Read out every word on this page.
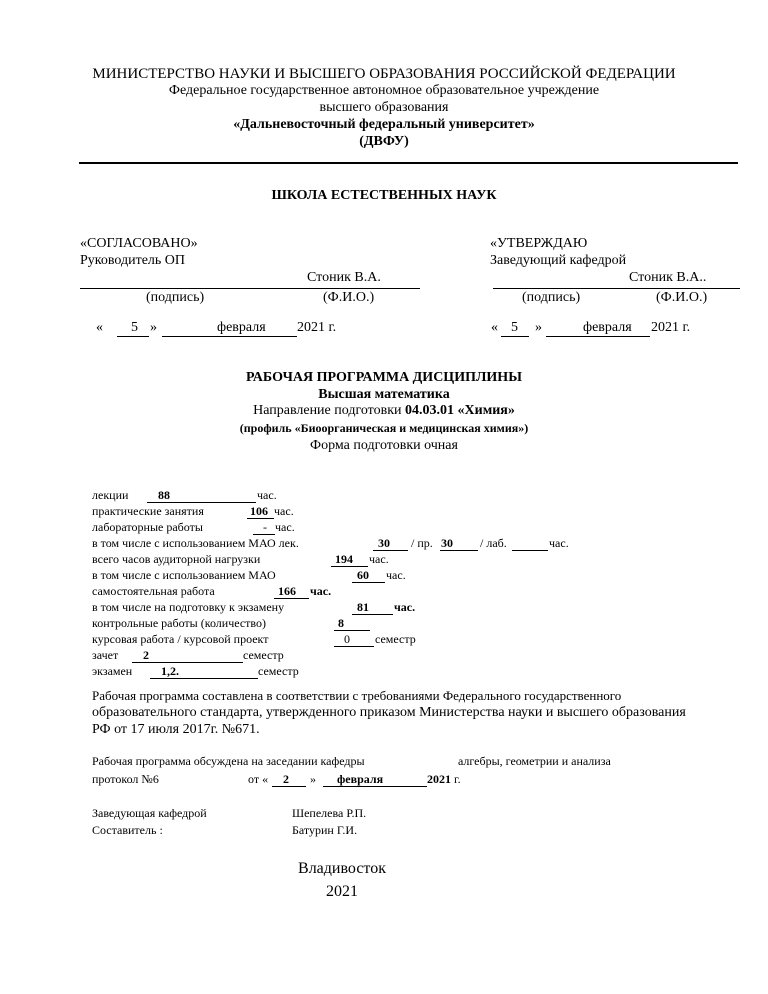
МИНИСТЕРСТВО НАУКИ И ВЫСШЕГО ОБРАЗОВАНИЯ РОССИЙСКОЙ ФЕДЕРАЦИИ
Федеральное государственное автономное образовательное учреждение
высшего образования
«Дальневосточный федеральный университет»
(ДВФУ)
ШКОЛА ЕСТЕСТВЕННЫХ НАУК
«СОГЛАСОВАНО»
Руководитель ОП
Стоник В.А.
(подпись)	(Ф.И.О.)
« 5 »	февраля 2021 г.
«УТВЕРЖДАЮ
Заведующий кафедрой
Стоник В.А..
(подпись)	(Ф.И.О.)
« 5 »	февраля 2021 г.
РАБОЧАЯ ПРОГРАММА ДИСЦИПЛИНЫ
Высшая математика
Направление подготовки 04.03.01 «Химия»
(профиль «Биоорганическая и медицинская химия»)
Форма подготовки очная
лекции 88	час.
практические занятия	106 час.
лабораторные работы	- час.
в том числе с использованием МАО лек.	30 / пр. 30 / лаб.	час.
всего часов аудиторной нагрузки	194 час.
в том числе с использованием МАО	60 час.
самостоятельная работа	166 час.
в том числе на подготовку к экзамену	81 час.
контрольные работы (количество)	8
курсовая работа / курсовой проект	0 семестр
зачет 2	семестр
экзамен 1,2.	семестр
Рабочая программа составлена в соответствии с требованиями Федерального государственного
образовательного стандарта, утвержденного приказом Министерства науки и высшего образования
РФ от 17 июля 2017г. №671.
Рабочая программа обсуждена на заседании кафедры	алгебры, геометрии и анализа
протокол №6	от « 2 » февраля	2021 г.
Заведующая кафедрой	Шепелева Р.П.
Составитель :	Батурин Г.И.
Владивосток
2021
